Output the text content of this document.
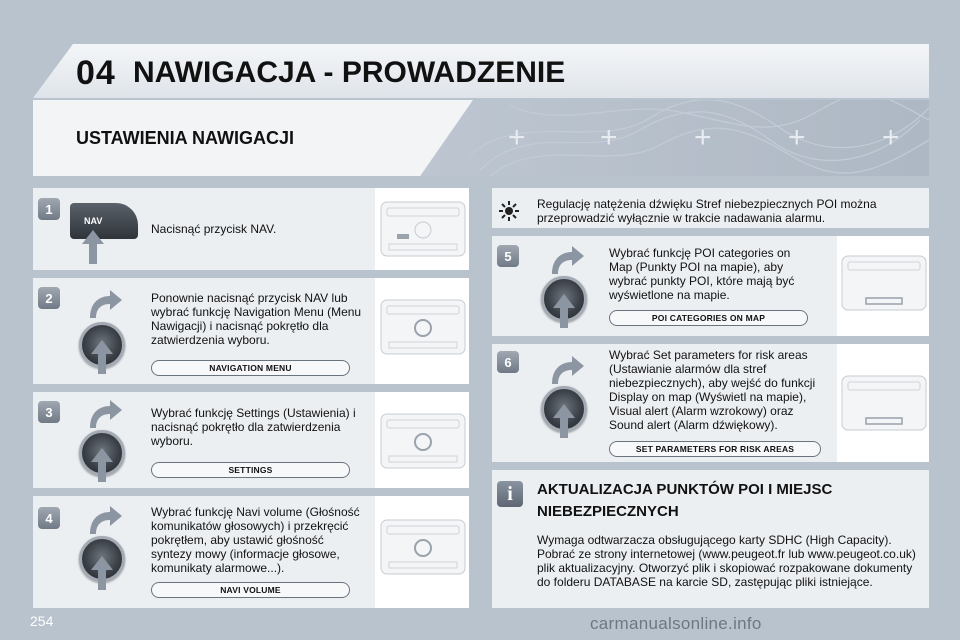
04 NAWIGACJA - PROWADZENIE
USTAWIENIA NAWIGACJI	+ +	+	+	+
1
NAV
Nacisnąć przycisk NAV.
2	Ponownie nacisnąć przycisk NAV lub wybrać funkcję Navigation Menu (Menu Nawigacji) i nacisnąć pokrętło dla zatwierdzenia wyboru.
NAVIGATION MENU
3	Wybrać funkcję Settings (Ustawienia) i nacisnąć pokrętło dla zatwierdzenia wyboru.
SETTINGS
4	Wybrać funkcję Navi volume (Głośność komunikatów głosowych) i przekręcić pokrętłem, aby ustawić głośność syntezy mowy (informacje głosowe, komunikaty alarmowe...).
NAVI VOLUME
Regulację natężenia dźwięku Stref niebezpiecznych POI można przeprowadzić wyłącznie w trakcie nadawania alarmu.
5	Wybrać funkcję POI categories on Map (Punkty POI na mapie), aby wybrać punkty POI, które mają być wyświetlone na mapie.
POI CATEGORIES ON MAP
6	Wybrać Set parameters for risk areas (Ustawianie alarmów dla stref niebezpiecznych), aby wejść do funkcji Display on map (Wyświetl na mapie), Visual alert (Alarm wzrokowy) oraz Sound alert (Alarm dźwiękowy).
SET PARAMETERS FOR RISK AREAS
i	AKTUALIZACJA PUNKTÓW POI I MIEJSC NIEBEZPIECZNYCH
Wymaga odtwarzacza obsługującego karty SDHC (High Capacity). Pobrać ze strony internetowej (www.peugeot.fr lub www.peugeot.co.uk) plik aktualizacyjny. Otworzyć plik i skopiować rozpakowane dokumenty do folderu DATABASE na karcie SD, zastępując pliki istniejące.
254	carmanualsonline.info
